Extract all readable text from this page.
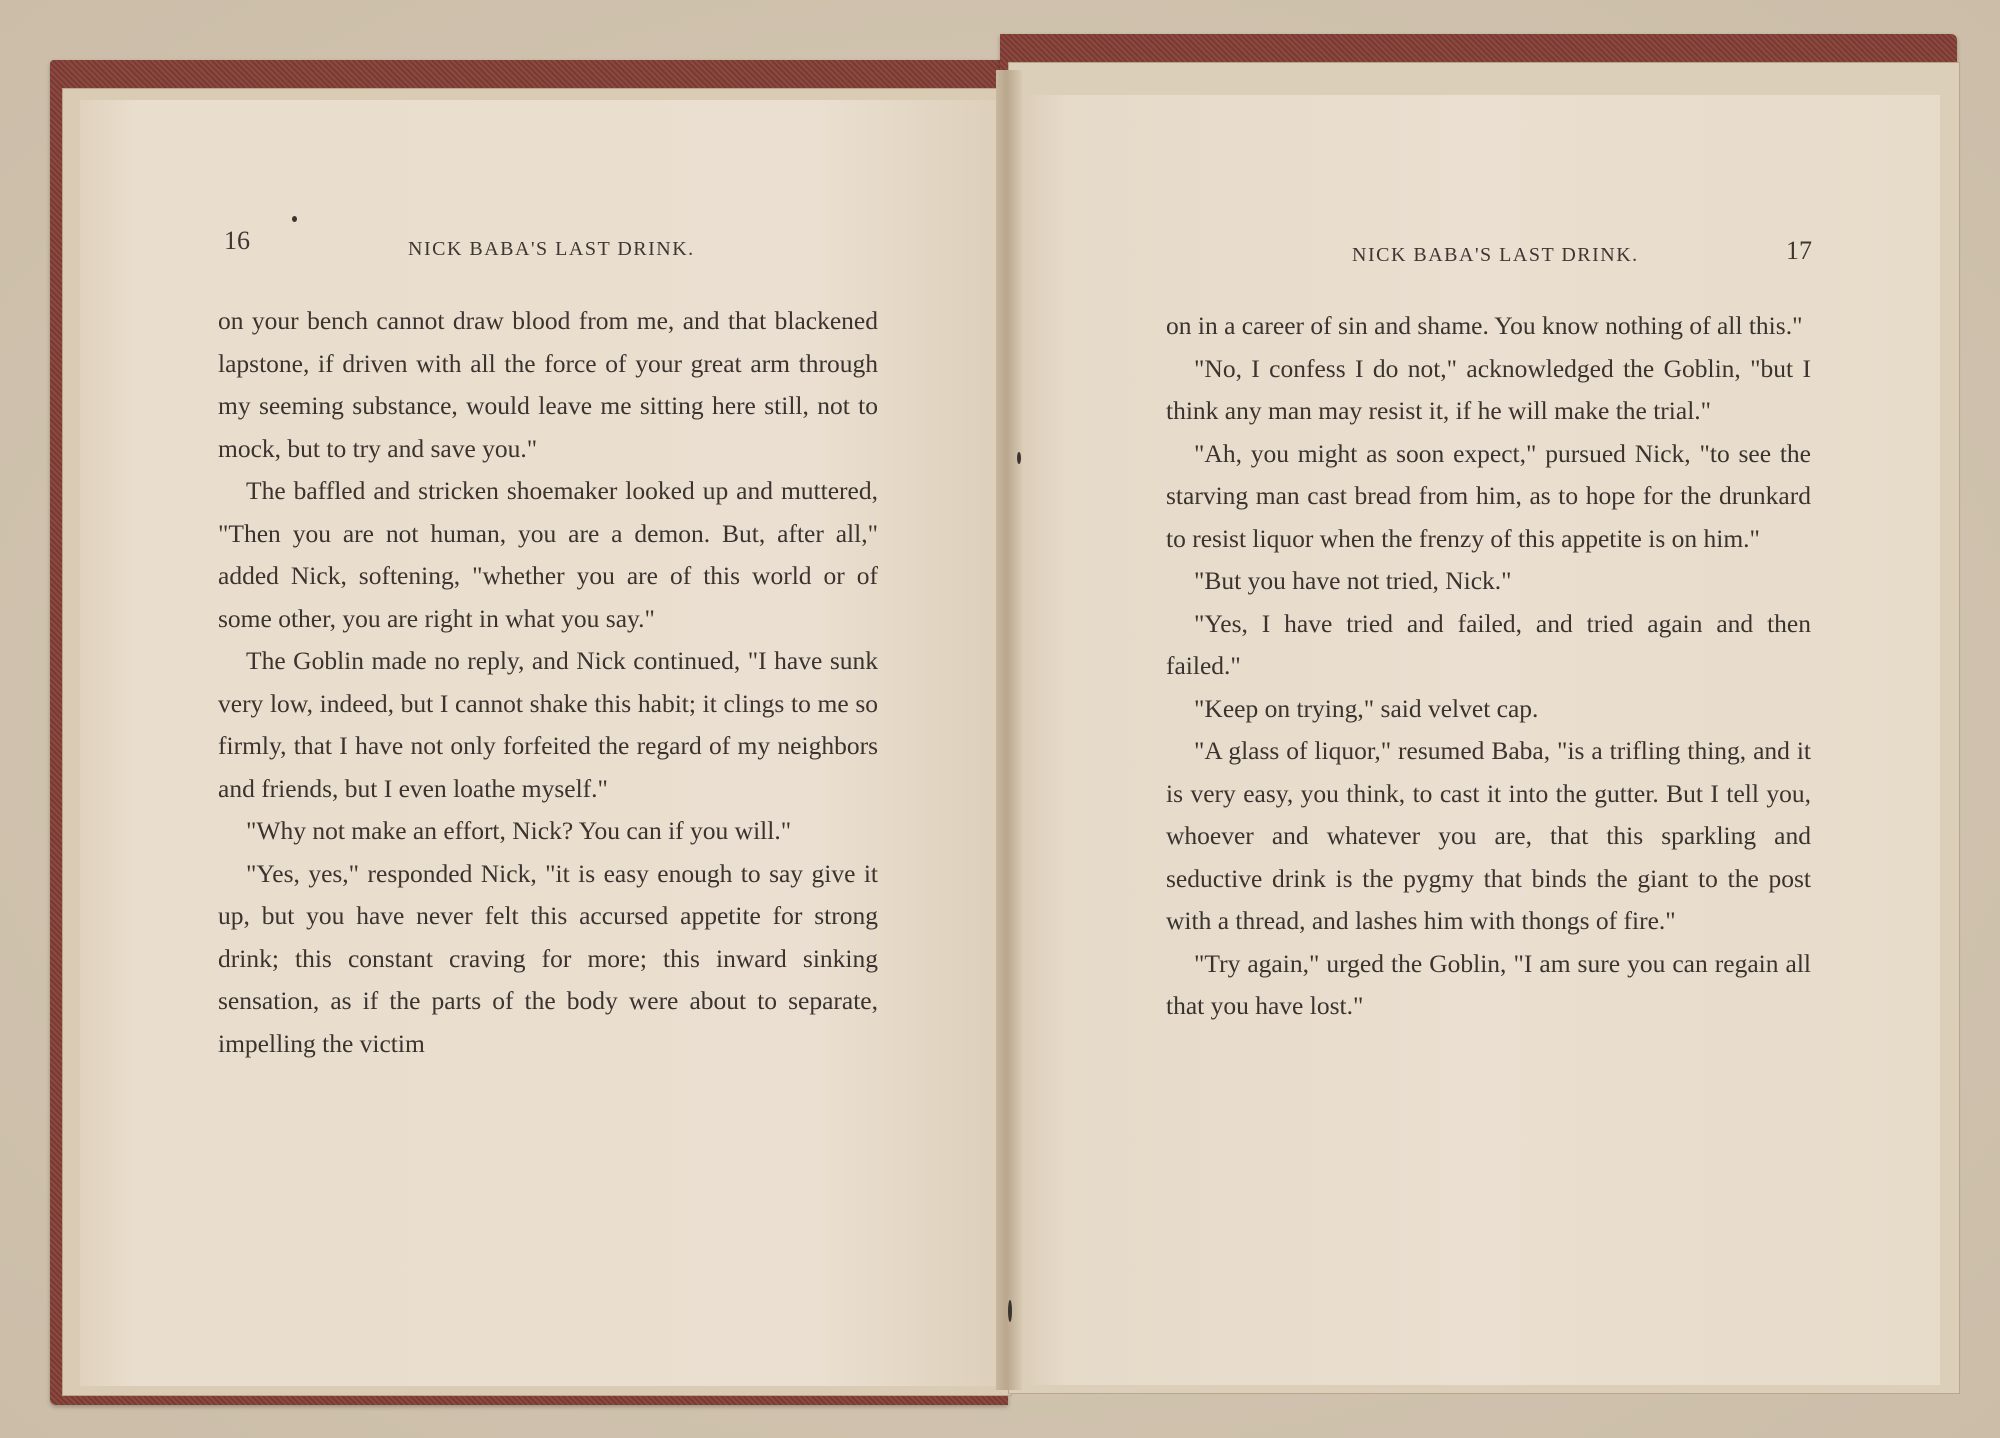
16	NICK BABA'S LAST DRINK.	NICK BABA'S LAST DRINK.	17

on your bench cannot draw blood from me, and that blackened lapstone, if driven with all the force of your great arm through my seeming substance, would leave me sitting here still, not to mock, but to try and save you."

The baffled and stricken shoemaker looked up and muttered, "Then you are not human, you are a demon. But, after all," added Nick, softening, "whether you are of this world or of some other, you are right in what you say."

The Goblin made no reply, and Nick continued, "I have sunk very low, indeed, but I cannot shake this habit; it clings to me so firmly, that I have not only forfeited the regard of my neighbors and friends, but I even loathe myself."

"Why not make an effort, Nick? You can if you will."

"Yes, yes," responded Nick, "it is easy enough to say give it up, but you have never felt this accursed appetite for strong drink; this constant craving for more; this inward sinking sensation, as if the parts of the body were about to separate, impelling the victim

on in a career of sin and shame. You know nothing of all this."

"No, I confess I do not," acknowledged the Goblin, "but I think any man may resist it, if he will make the trial."

"Ah, you might as soon expect," pursued Nick, "to see the starving man cast bread from him, as to hope for the drunkard to resist liquor when the frenzy of this appetite is on him."

"But you have not tried, Nick."

"Yes, I have tried and failed, and tried again and then failed."

"Keep on trying," said velvet cap.

"A glass of liquor," resumed Baba, "is a trifling thing, and it is very easy, you think, to cast it into the gutter. But I tell you, whoever and whatever you are, that this sparkling and seductive drink is the pygmy that binds the giant to the post with a thread, and lashes him with thongs of fire."

"Try again," urged the Goblin, "I am sure you can regain all that you have lost."
